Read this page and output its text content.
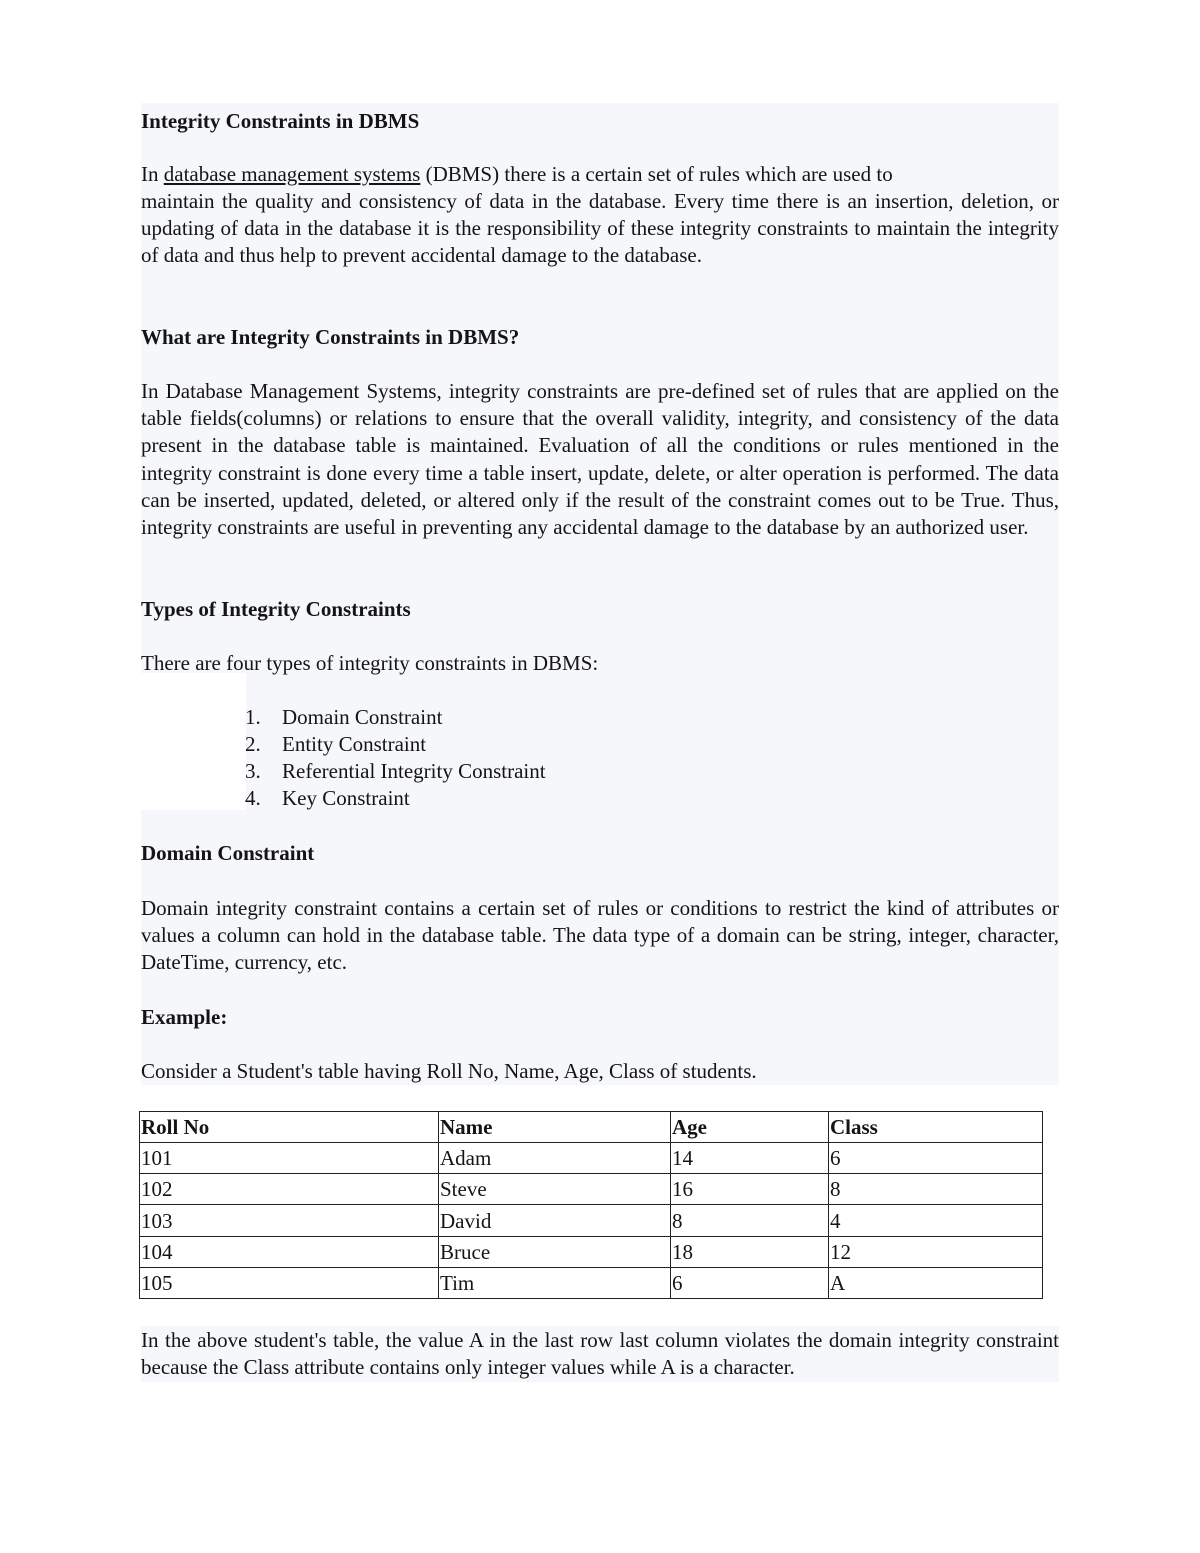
Integrity Constraints in DBMS
In database management systems (DBMS) there is a certain set of rules which are used to
maintain the quality and consistency of data in the database. Every time there is an insertion, deletion, or updating of data in the database it is the responsibility of these integrity constraints to maintain the integrity of data and thus help to prevent accidental damage to the database.
What are Integrity Constraints in DBMS?
In Database Management Systems, integrity constraints are pre-defined set of rules that are applied on the table fields(columns) or relations to ensure that the overall validity, integrity, and consistency of the data present in the database table is maintained. Evaluation of all the conditions or rules mentioned in the integrity constraint is done every time a table insert, update, delete, or alter operation is performed. The data can be inserted, updated, deleted, or altered only if the result of the constraint comes out to be True. Thus, integrity constraints are useful in preventing any accidental damage to the database by an authorized user.
Types of Integrity Constraints
There are four types of integrity constraints in DBMS:
1. Domain Constraint
2. Entity Constraint
3. Referential Integrity Constraint
4. Key Constraint
Domain Constraint
Domain integrity constraint contains a certain set of rules or conditions to restrict the kind of attributes or values a column can hold in the database table. The data type of a domain can be string, integer, character, DateTime, currency, etc.
Example:
Consider a Student's table having Roll No, Name, Age, Class of students.
In the above student's table, the value A in the last row last column violates the domain integrity constraint because the Class attribute contains only integer values while A is a character.
Roll No	Name	Age	Class
101	Adam	14	6
102	Steve	16	8
103	David	8	4
104	Bruce	18	12
105	Tim	6	A
